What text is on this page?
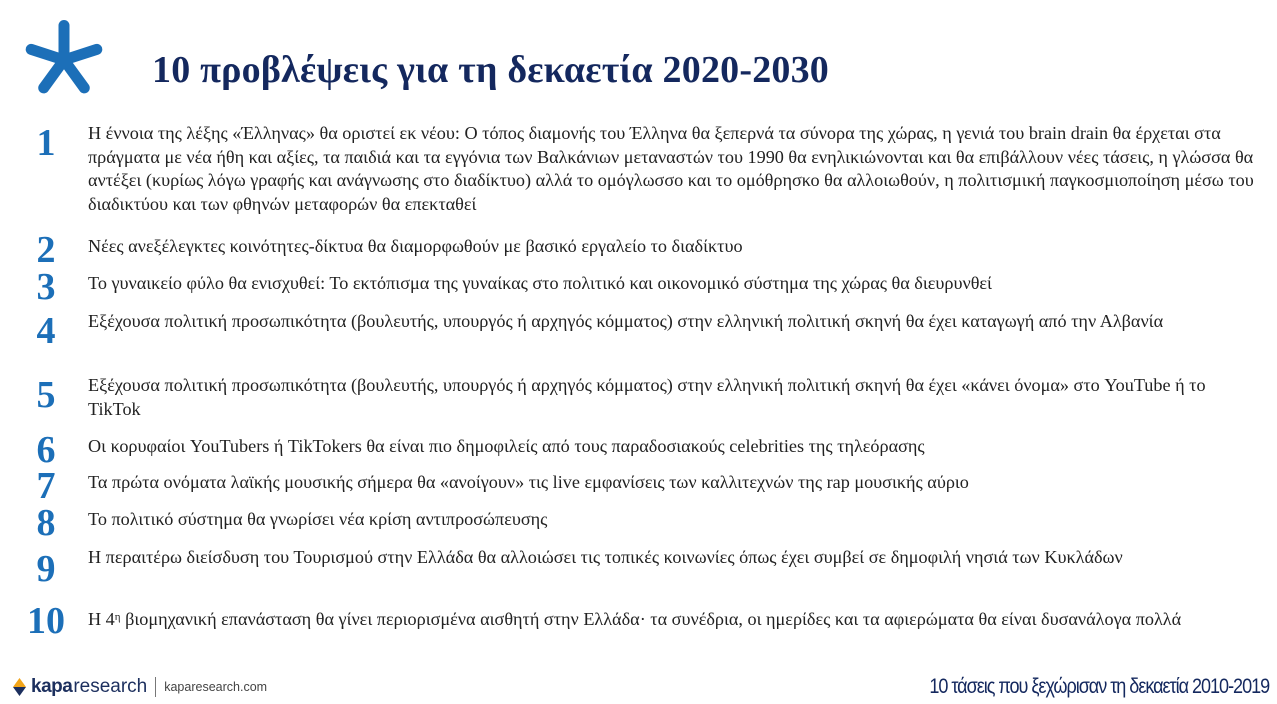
10 προβλέψεις για τη δεκαετία 2020-2030
1	Η έννοια της λέξης «Έλληνας» θα οριστεί εκ νέου: Ο τόπος διαμονής του Έλληνα θα ξεπερνά τα σύνορα της χώρας, η γενιά του brain drain θα έρχεται στα πράγματα με νέα ήθη και αξίες, τα παιδιά και τα εγγόνια των Βαλκάνιων μεταναστών του 1990 θα ενηλικιώνονται και θα επιβάλλουν νέες τάσεις, η γλώσσα θα αντέξει (κυρίως λόγω γραφής και ανάγνωσης στο διαδίκτυο) αλλά το ομόγλωσσο και το ομόθρησκο θα αλλοιωθούν, η πολιτισμική παγκοσμιοποίηση μέσω του διαδικτύου και των φθηνών μεταφορών θα επεκταθεί
2	Νέες ανεξέλεγκτες κοινότητες-δίκτυα θα διαμορφωθούν με βασικό εργαλείο το διαδίκτυο
3	Το γυναικείο φύλο θα ενισχυθεί: Το εκτόπισμα της γυναίκας στο πολιτικό και οικονομικό σύστημα της χώρας θα διευρυνθεί
4	Εξέχουσα πολιτική προσωπικότητα (βουλευτής, υπουργός ή αρχηγός κόμματος) στην ελληνική πολιτική σκηνή θα έχει καταγωγή από την Αλβανία
5	Εξέχουσα πολιτική προσωπικότητα (βουλευτής, υπουργός ή αρχηγός κόμματος) στην ελληνική πολιτική σκηνή θα έχει «κάνει όνομα» στο YouTube ή το TikTok
6	Οι κορυφαίοι YouTubers ή TikTokers θα είναι πιο δημοφιλείς από τους παραδοσιακούς celebrities της τηλεόρασης
7	Τα πρώτα ονόματα λαϊκής μουσικής σήμερα θα «ανοίγουν» τις live εμφανίσεις των καλλιτεχνών της rap μουσικής αύριο
8	Το πολιτικό σύστημα θα γνωρίσει νέα κρίση αντιπροσώπευσης
9	Η περαιτέρω διείσδυση του Τουρισμού στην Ελλάδα θα αλλοιώσει τις τοπικές κοινωνίες όπως έχει συμβεί σε δημοφιλή νησιά των Κυκλάδων
10	Η $4^\eta$ βιομηχανική επανάσταση θα γίνει περιορισμένα αισθητή στην Ελλάδα· τα συνέδρια, οι ημερίδες και τα αφιερώματα θα είναι δυσανάλογα πολλά
kapa research kaparesearch.com	10 τάσεις που ξεχώρισαν τη δεκαετία 2010-2019
